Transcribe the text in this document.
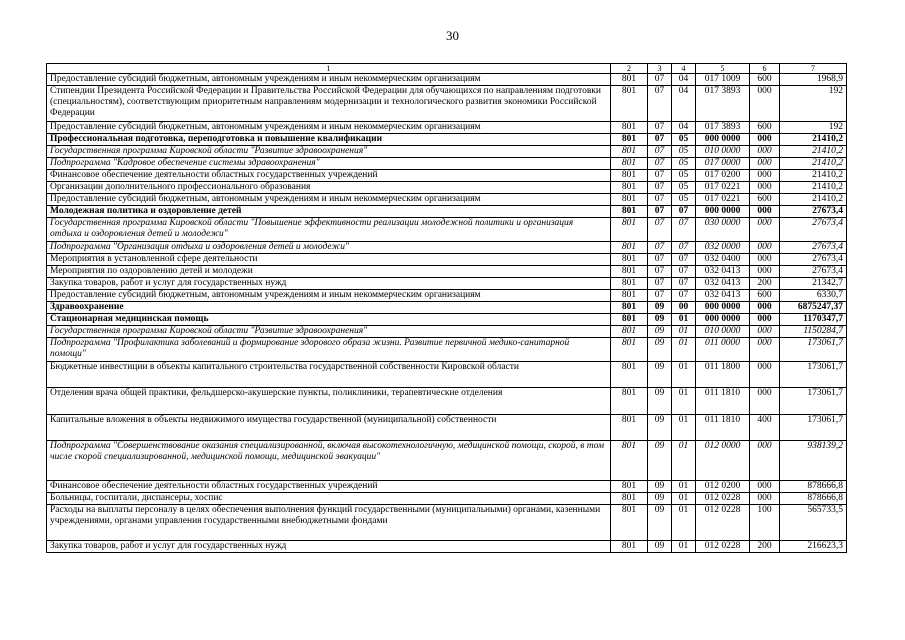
30
1	2	3	4	5	6	7
Предоставление субсидий бюджетным, автономным учреждениям и иным некоммерческим организациям	801	07	04	017 1009	600	1968,9
Стипендии Президента Российской Федерации и Правительства Российской Федерации для обучающихся по направлениям подготовки (специальностям), соответствующим приоритетным направлениям модернизации и технологического развития экономики Российской Федерации	801	07	04	017 3893	000	192
Предоставление субсидий бюджетным, автономным учреждениям и иным некоммерческим организациям	801	07	04	017 3893	600	192
Профессиональная подготовка, переподготовка и повышение квалификации	801	07	05	000 0000	000	21410,2
Государственная программа Кировской области "Развитие здравоохранения"	801	07	05	010 0000	000	21410,2
Подпрограмма "Кадровое обеспечение системы здравоохранения"	801	07	05	017 0000	000	21410,2
Финансовое обеспечение деятельности областных государственных учреждений	801	07	05	017 0200	000	21410,2
Организации дополнительного профессионального образования	801	07	05	017 0221	000	21410,2
Предоставление субсидий бюджетным, автономным учреждениям и иным некоммерческим организациям	801	07	05	017 0221	600	21410,2
Молодежная политика и оздоровление детей	801	07	07	000 0000	000	27673,4
Государственная программа Кировской области "Повышение эффективности реализации молодежной политики и организация отдыха и оздоровления детей и молодежи"	801	07	07	030 0000	000	27673,4
Подпрограмма "Организация отдыха и оздоровления детей и молодежи"	801	07	07	032 0000	000	27673,4
Мероприятия в установленной сфере деятельности	801	07	07	032 0400	000	27673,4
Мероприятия по оздоровлению детей и молодежи	801	07	07	032 0413	000	27673,4
Закупка товаров, работ и услуг для государственных нужд	801	07	07	032 0413	200	21342,7
Предоставление субсидий бюджетным, автономным учреждениям и иным некоммерческим организациям	801	07	07	032 0413	600	6330,7
Здравоохранение	801	09	00	000 0000	000	6875247,37
Стационарная медицинская помощь	801	09	01	000 0000	000	1170347,7
Государственная программа Кировской области "Развитие здравоохранения"	801	09	01	010 0000	000	1150284,7
Подпрограмма "Профилактика заболеваний и формирование здорового образа жизни. Развитие первичной медико-санитарной помощи"	801	09	01	011 0000	000	173061,7
Бюджетные инвестиции в объекты капитального строительства государственной собственности Кировской области	801	09	01	011 1800	000	173061,7
Отделения врача общей практики, фельдшерско-акушерские пункты, поликлиники, терапевтические отделения	801	09	01	011 1810	000	173061,7
Капитальные вложения в объекты недвижимого имущества государственной (муниципальной) собственности	801	09	01	011 1810	400	173061,7
Подпрограмма "Совершенствование оказания специализированной, включая высокотехнологичную, медицинской помощи, скорой, в том числе скорой специализированной, медицинской помощи, медицинской эвакуации"	801	09	01	012 0000	000	938139,2
Финансовое обеспечение деятельности областных государственных учреждений	801	09	01	012 0200	000	878666,8
Больницы, госпитали, диспансеры, хоспис	801	09	01	012 0228	000	878666,8
Расходы на выплаты персоналу в целях обеспечения выполнения функций государственными (муниципальными) органами, казенными учреждениями, органами управления государственными внебюджетными фондами	801	09	01	012 0228	100	565733,5
Закупка товаров, работ и услуг для государственных нужд	801	09	01	012 0228	200	216623,3
